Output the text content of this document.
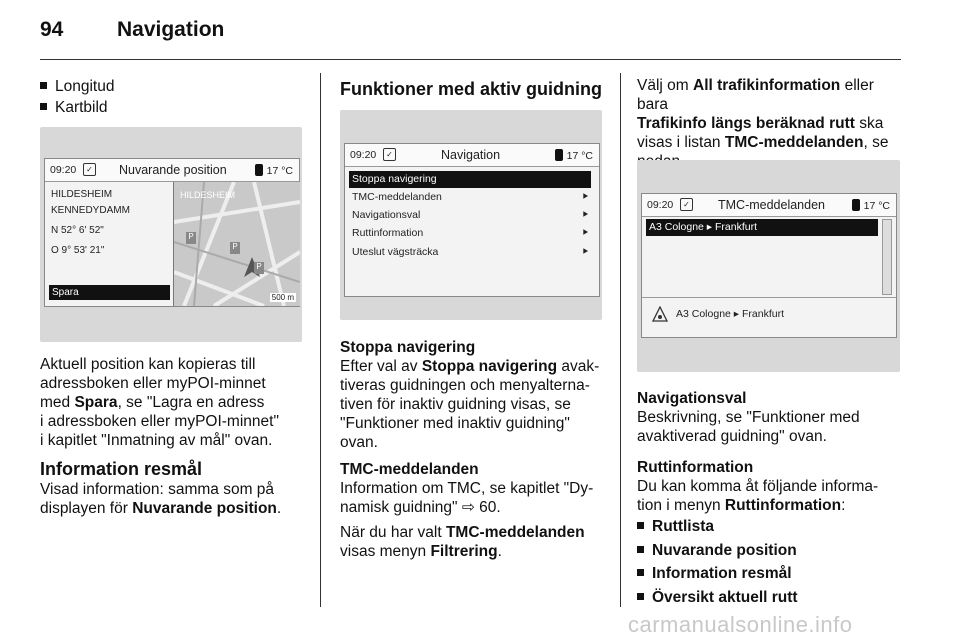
94	Navigation
Longitud
Kartbild
09:20	✓ Nuvarande position	17 °C
HILDESHEIM
KENNEDYDAMM
N 52° 6' 52"
O 9° 53' 21"
Spara
HILDESHEIM
P
P
P
500 m
Aktuell position kan kopieras till
adressboken eller myPOI-minnet
med Spara, se "Lagra en adress
i adressboken eller myPOI-minnet"
i kapitlet "Inmatning av mål" ovan.
Information resmål
Visad information: samma som på
displayen för Nuvarande position.
Funktioner med aktiv guidning
09:20	✓	Navigation	17 °C
Stoppa navigering
TMC-meddelanden	⯈
Navigationsval	⯈
Ruttinformation	⯈
Uteslut vägsträcka	⯈
Stoppa navigering
Efter val av Stoppa navigering avak-
tiveras guidningen och menyalterna-
tiven för inaktiv guidning visas, se
"Funktioner med inaktiv guidning"
ovan.
TMC-meddelanden
Information om TMC, se kapitlet "Dy-
namisk guidning" ⇨ 60.
När du har valt TMC-meddelanden
visas menyn Filtrering.
Välj om All trafikinformation eller bara
Trafikinfo längs beräknad rutt ska
visas i listan TMC-meddelanden, se
09:20	✓ TMC-meddelanden	17 °C
A3 Cologne ▸ Frankfurt
A3 Cologne ▸ Frankfurt
Navigationsval
Beskrivning, se "Funktioner med
avaktiverad guidning" ovan.
Ruttinformation
Du kan komma åt följande informa-
tion i menyn Ruttinformation:
Ruttlista
Nuvarande position
Information resmål
Översikt aktuell rutt
carmanualsonline.info
